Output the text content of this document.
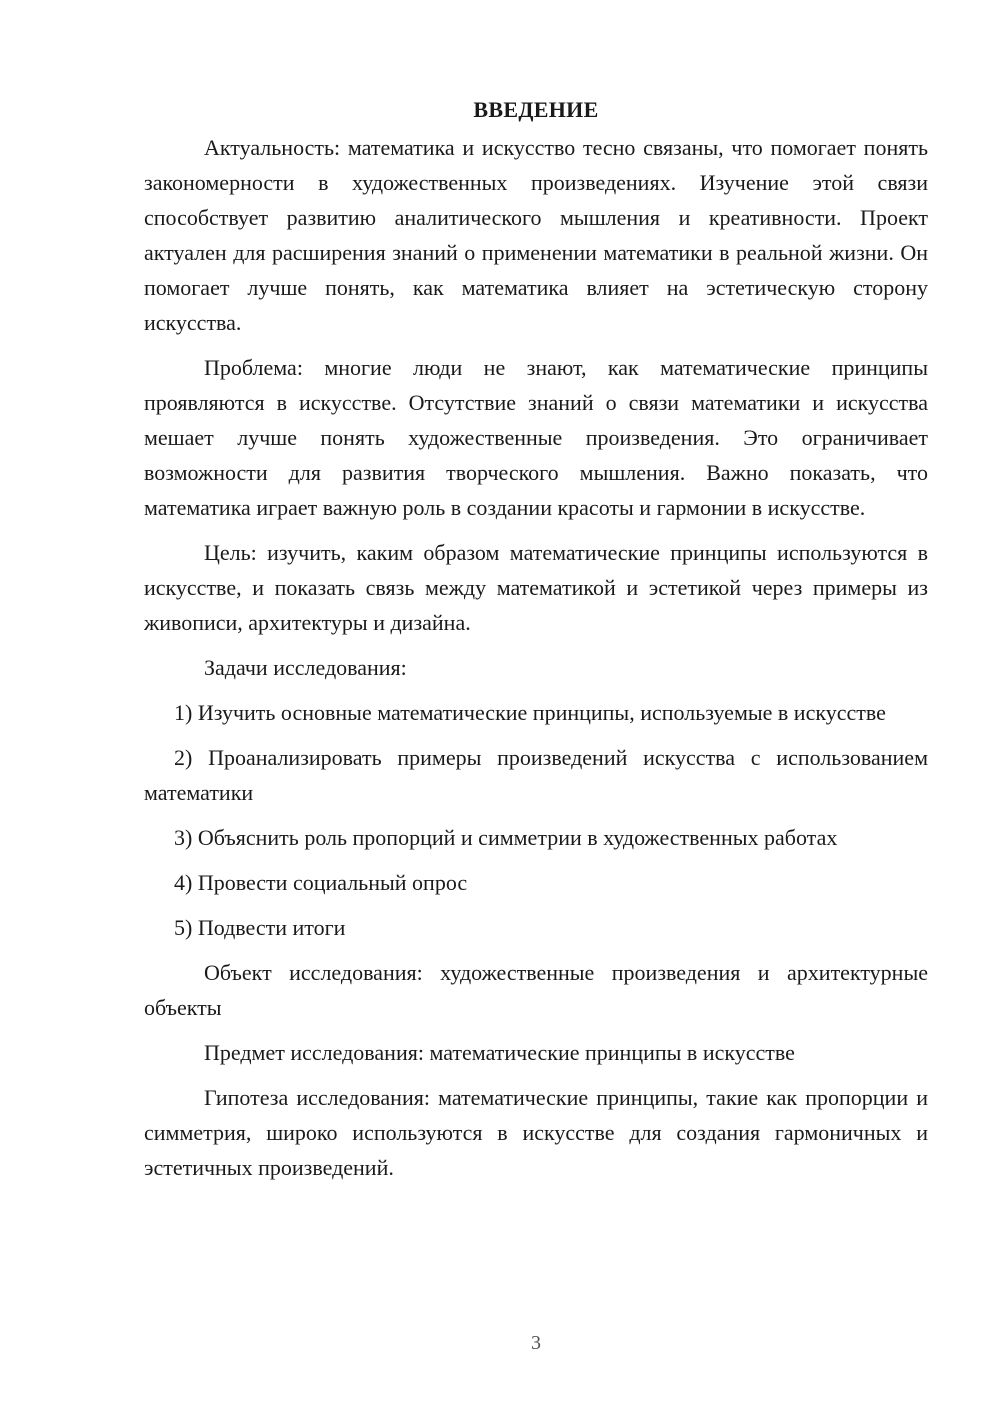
ВВЕДЕНИЕ

Актуальность: математика и искусство тесно связаны, что помогает понять закономерности в художественных произведениях. Изучение этой связи способствует развитию аналитического мышления и креативности. Проект актуален для расширения знаний о применении математики в реальной жизни. Он помогает лучше понять, как математика влияет на эстетическую сторону искусства.

Проблема: многие люди не знают, как математические принципы проявляются в искусстве. Отсутствие знаний о связи математики и искусства мешает лучше понять художественные произведения. Это ограничивает возможности для развития творческого мышления. Важно показать, что математика играет важную роль в создании красоты и гармонии в искусстве.

Цель: изучить, каким образом математические принципы используются в искусстве, и показать связь между математикой и эстетикой через примеры из живописи, архитектуры и дизайна.

Задачи исследования:

1) Изучить основные математические принципы, используемые в искусстве

2) Проанализировать примеры произведений искусства с использованием математики

3) Объяснить роль пропорций и симметрии в художественных работах

4) Провести социальный опрос

5) Подвести итоги

Объект исследования: художественные произведения и архитектурные объекты

Предмет исследования: математические принципы в искусстве

Гипотеза исследования: математические принципы, такие как пропорции и симметрия, широко используются в искусстве для создания гармоничных и эстетичных произведений.

3
